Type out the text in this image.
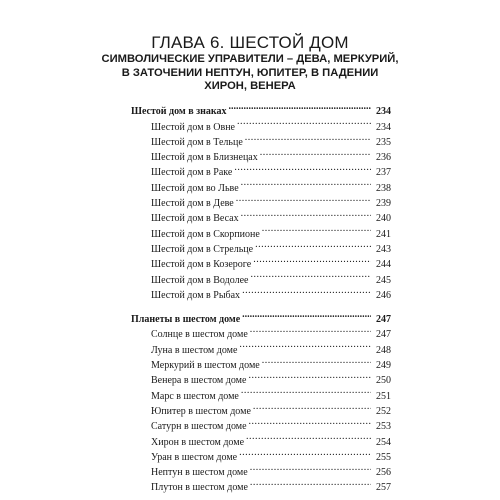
ГЛАВА 6. ШЕСТОЙ ДОМ
СИМВОЛИЧЕСКИЕ УПРАВИТЕЛИ – ДЕВА, МЕРКУРИЙ,
В ЗАТОЧЕНИИ НЕПТУН, ЮПИТЕР, В ПАДЕНИИ
ХИРОН, ВЕНЕРА
Шестой дом в знаках .....	234
Шестой дом в Овне . . .	234
Шестой дом в Тельце . . .	235
Шестой дом в Близнецах . . .	236
Шестой дом в Раке . . .	237
Шестой дом во Льве . . .	238
Шестой дом в Деве . . .	239
Шестой дом в Весах . . .	240
Шестой дом в Скорпионе . . .	241
Шестой дом в Стрельце . . .	243
Шестой дом в Козероге . . .	244
Шестой дом в Водолее . . .	245
Шестой дом в Рыбах . . .	246
Планеты в шестом доме .....	247
Солнце в шестом доме . . .	247
Луна в шестом доме . . .	248
Меркурий в шестом доме . . .	249
Венера в шестом доме . . .	250
Марс в шестом доме . . .	251
Юпитер в шестом доме . . .	252
Сатурн в шестом доме . . .	253
Хирон в шестом доме . . .	254
Уран в шестом доме . . .	255
Нептун в шестом доме . . .	256
Плутон в шестом доме . . .	257
